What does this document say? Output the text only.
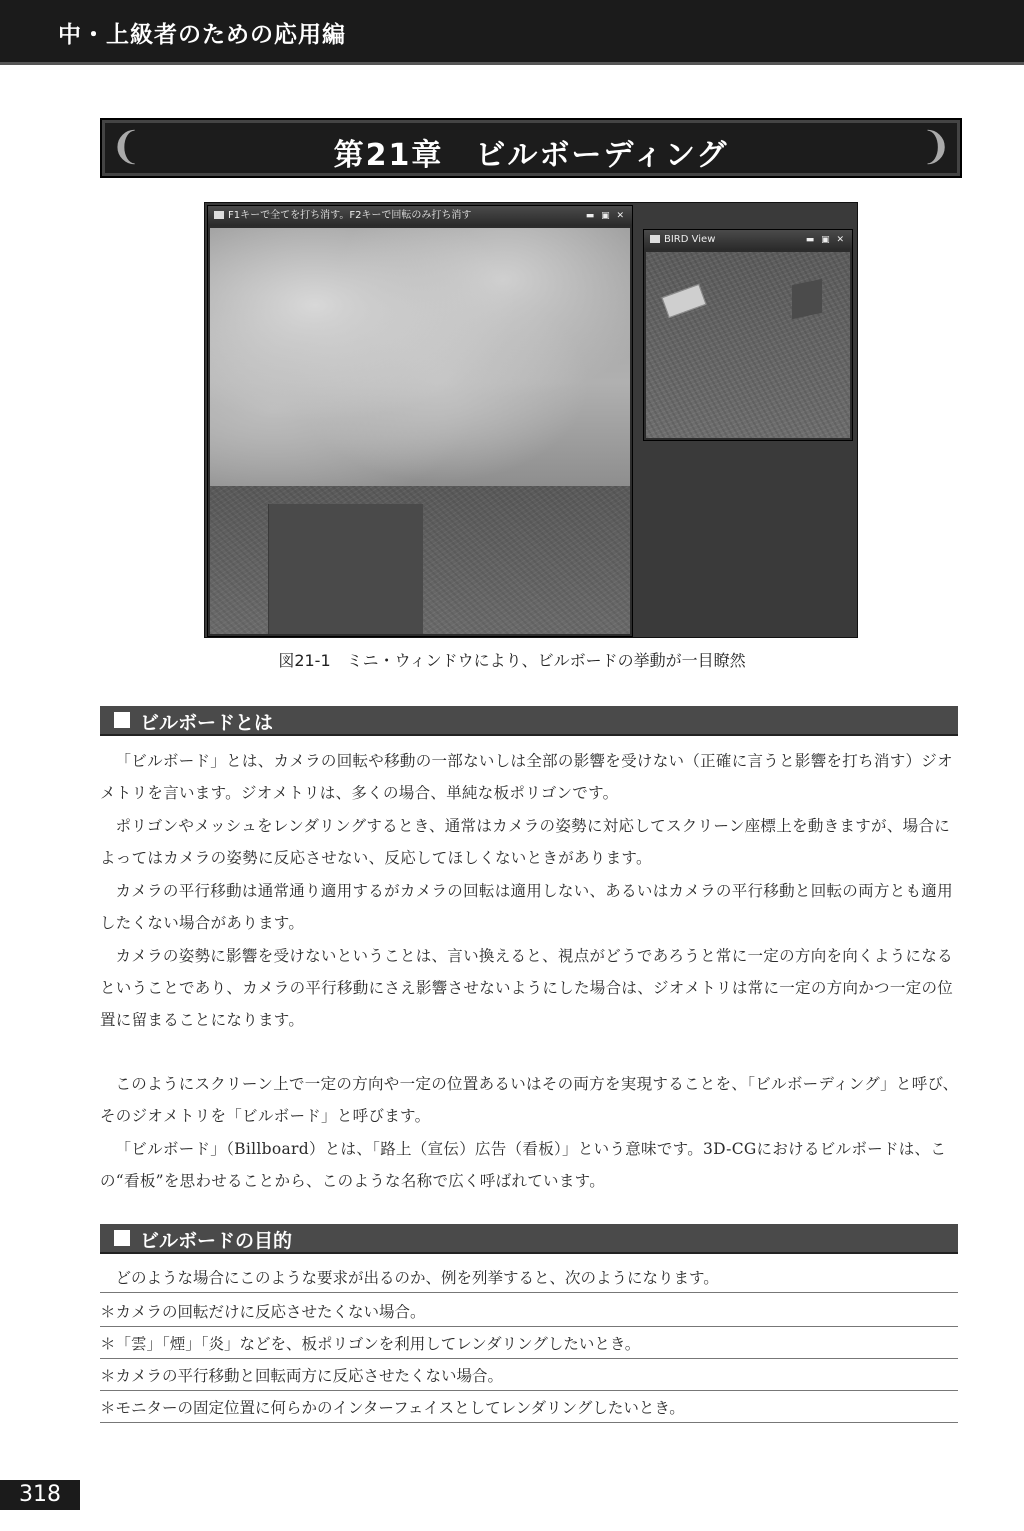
中・上級者のための応用編
❨	第21章　ビルボーディング	❩
F1キーで全てを打ち消す。F2キーで回転のみ打ち消す	▬ ▣ ✕
BIRD View	▬ ▣ ✕
図21-1　ミニ・ウィンドウにより、ビルボードの挙動が一目瞭然
ビルボードとは

「ビルボード」とは、カメラの回転や移動の一部ないしは全部の影響を受けない（正確に言うと影響を打ち消す）ジオメトリを言います。ジオメトリは、多くの場合、単純な板ポリゴンです。

ポリゴンやメッシュをレンダリングするとき、通常はカメラの姿勢に対応してスクリーン座標上を動きますが、場合によってはカメラの姿勢に反応させない、反応してほしくないときがあります。

カメラの平行移動は通常通り適用するがカメラの回転は適用しない、あるいはカメラの平行移動と回転の両方とも適用したくない場合があります。

カメラの姿勢に影響を受けないということは、言い換えると、視点がどうであろうと常に一定の方向を向くようになるということであり、カメラの平行移動にさえ影響させないようにした場合は、ジオメトリは常に一定の方向かつ一定の位置に留まることになります。

このようにスクリーン上で一定の方向や一定の位置あるいはその両方を実現することを、「ビルボーディング」と呼び、そのジオメトリを「ビルボード」と呼びます。

「ビルボード」（Billboard）とは、「路上（宣伝）広告（看板）」という意味です。3D-CGにおけるビルボードは、この“看板”を思わせることから、このような名称で広く呼ばれています。

ビルボードの目的
どのような場合にこのような要求が出るのか、例を列挙すると、次のようになります。
＊カメラの回転だけに反応させたくない場合。
＊「雲」「煙」「炎」などを、板ポリゴンを利用してレンダリングしたいとき。
＊カメラの平行移動と回転両方に反応させたくない場合。
＊モニターの固定位置に何らかのインターフェイスとしてレンダリングしたいとき。
318
